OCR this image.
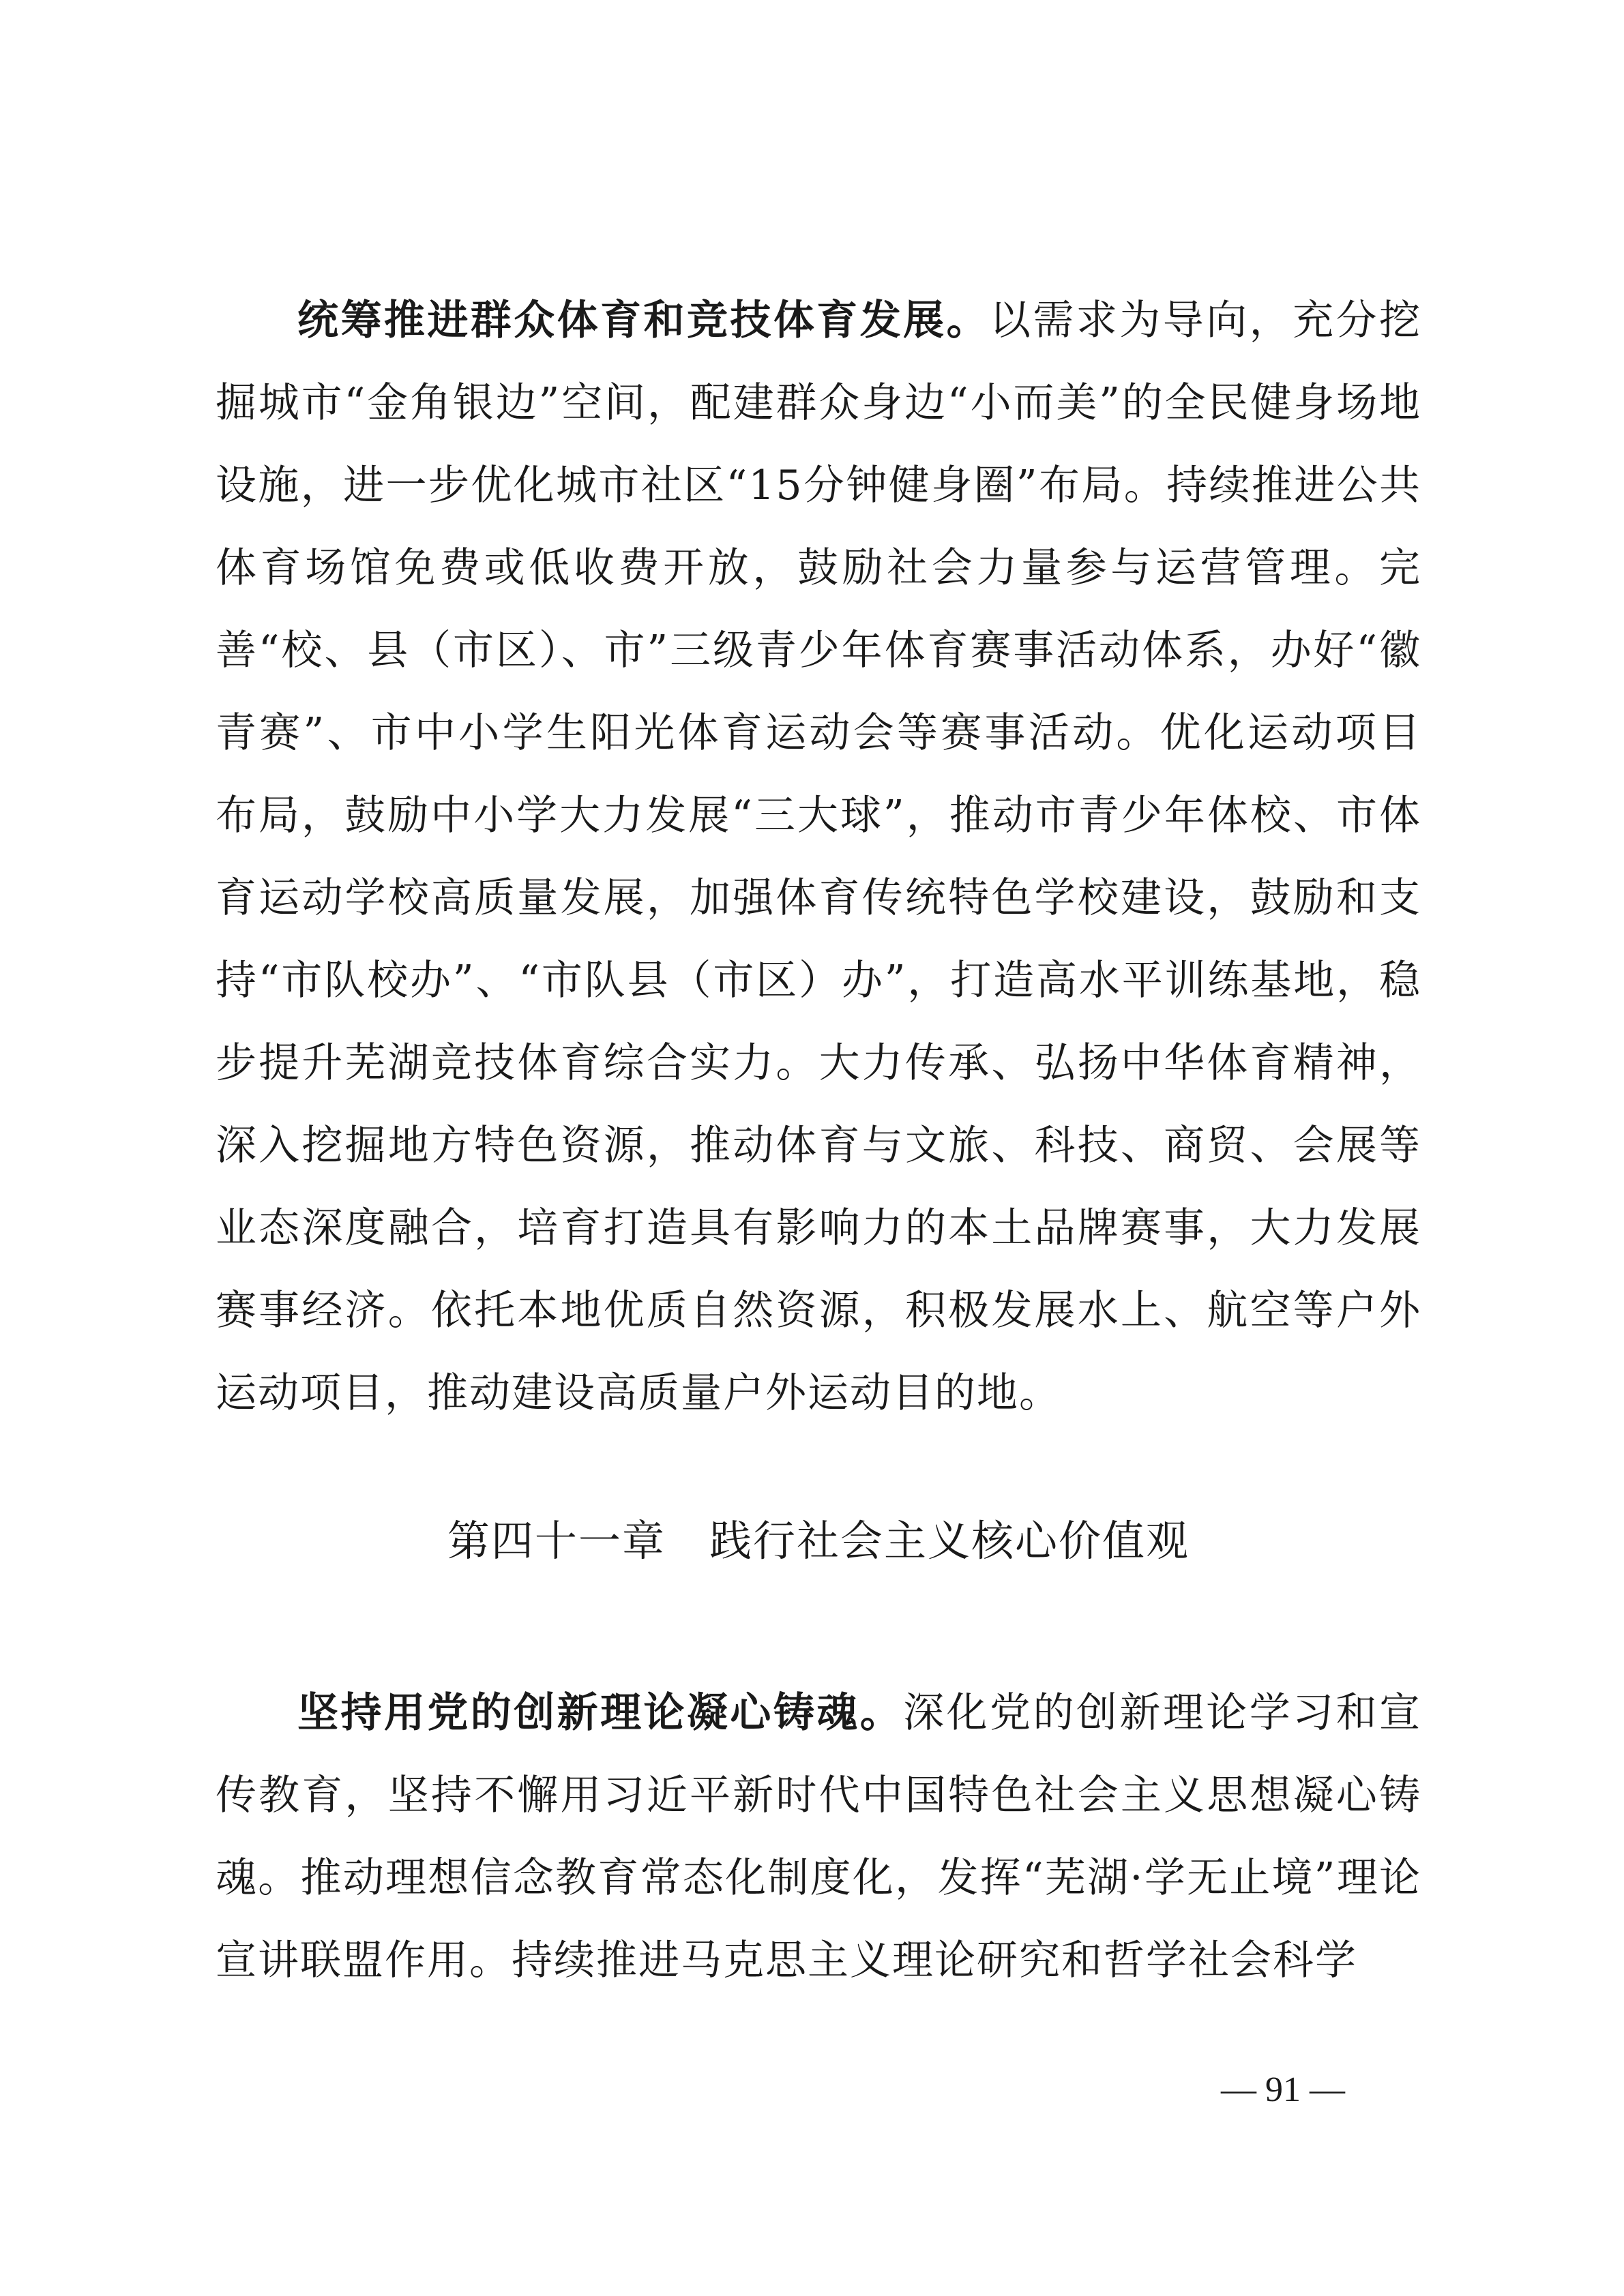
统筹推进群众体育和竞技体育发展。以需求为导向，充分挖掘城市“金角银边”空间，配建群众身边“小而美”的全民健身场地设施，进一步优化城市社区“15分钟健身圈”布局。持续推进公共体育场馆免费或低收费开放，鼓励社会力量参与运营管理。完善“校、县（市区）、市”三级青少年体育赛事活动体系，办好“徽青赛”、市中小学生阳光体育运动会等赛事活动。优化运动项目布局，鼓励中小学大力发展“三大球”，推动市青少年体校、市体育运动学校高质量发展，加强体育传统特色学校建设，鼓励和支持“市队校办”、“市队县（市区）办”，打造高水平训练基地，稳步提升芜湖竞技体育综合实力。大力传承、弘扬中华体育精神，深入挖掘地方特色资源，推动体育与文旅、科技、商贸、会展等业态深度融合，培育打造具有影响力的本土品牌赛事，大力发展赛事经济。依托本地优质自然资源，积极发展水上、航空等户外运动项目，推动建设高质量户外运动目的地。

第四十一章　践行社会主义核心价值观

坚持用党的创新理论凝心铸魂。深化党的创新理论学习和宣传教育，坚持不懈用习近平新时代中国特色社会主义思想凝心铸魂。推动理想信念教育常态化制度化，发挥“芜湖·学无止境”理论宣讲联盟作用。持续推进马克思主义理论研究和哲学社会科学

— 91 —
